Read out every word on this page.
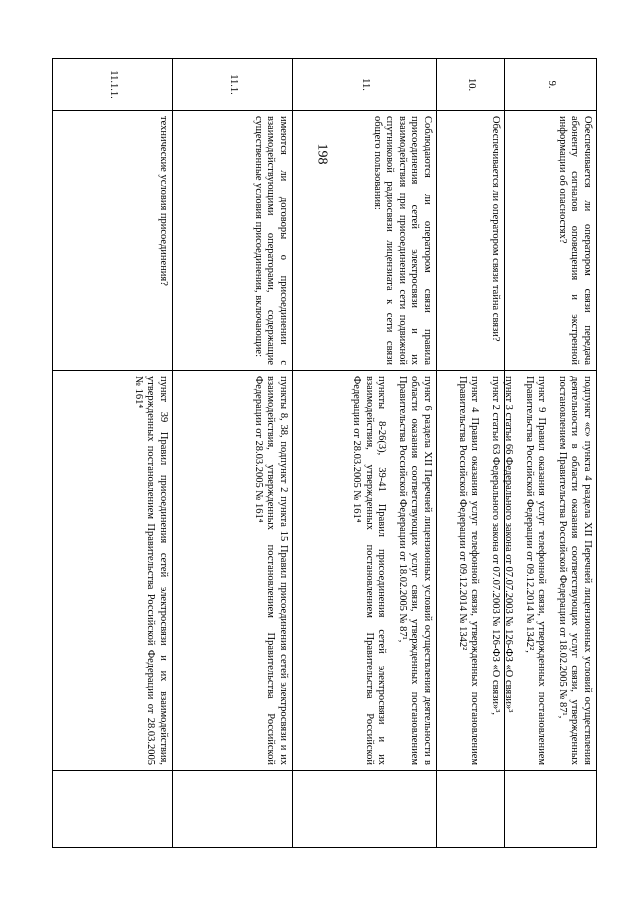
198
9.
Обеспечивается ли оператором связи передача абоненту сигналов оповещения и экстренной информации об опасностях?

подпункт «с» пункта 4 раздела XII Перечней лицензионных условий осуществления деятельности в области оказания соответствующих услуг связи, утвержденных постановлением Правительства Российской Федерации от 18.02.2005 № 87¹,

пункт 9 Правил оказания услуг телефонной связи, утвержденных постановлением Правительства Российской Федерации от 09.12.2014 № 1342²,

пункт 3 статьи 66 Федерального закона от 07.07.2003 № 126-ФЗ «О связи»³

10.
Обеспечивается ли оператором связи тайна связи?

пункт 2 статьи 63 Федерального закона от 07.07.2003 № 126-ФЗ «О связи»³,

пункт 4 Правил оказания услуг телефонной связи, утвержденных постановлением Правительства Российской Федерации от 09.12.2014 № 1342²

11.
Соблюдаются ли оператором связи правила присоединения сетей электросвязи и их взаимодействия при присоединении сети подвижной спутниковой радиосвязи лицензиата к сети связи общего пользования:

пункт 6 раздела XII Перечней лицензионных условий осуществления деятельности в области оказания соответствующих услуг связи, утвержденных постановлением Правительства Российской Федерации от 18.02.2005 № 87¹,

пункты 8-26(3), 39-41 Правил присоединения сетей электросвязи и их взаимодействия, утвержденных постановлением Правительства Российской Федерации от 28.03.2005 № 161⁴

11.1.
имеются ли договоры о присоединении с взаимодействующими операторами, содержащие существенные условия присоединения, включающие:

пункты 8, 38, подпункт 2 пункта 15 Правил присоединения сетей электросвязи и их взаимодействия, утвержденных постановлением Правительства Российской Федерации от 28.03.2005 № 161⁴

11.1.1.
технические условия присоединения?

пункт 39 Правил присоединения сетей электросвязи и их взаимодействия, утвержденных постановлением Правительства Российской Федерации от 28.03.2005 № 161⁴
